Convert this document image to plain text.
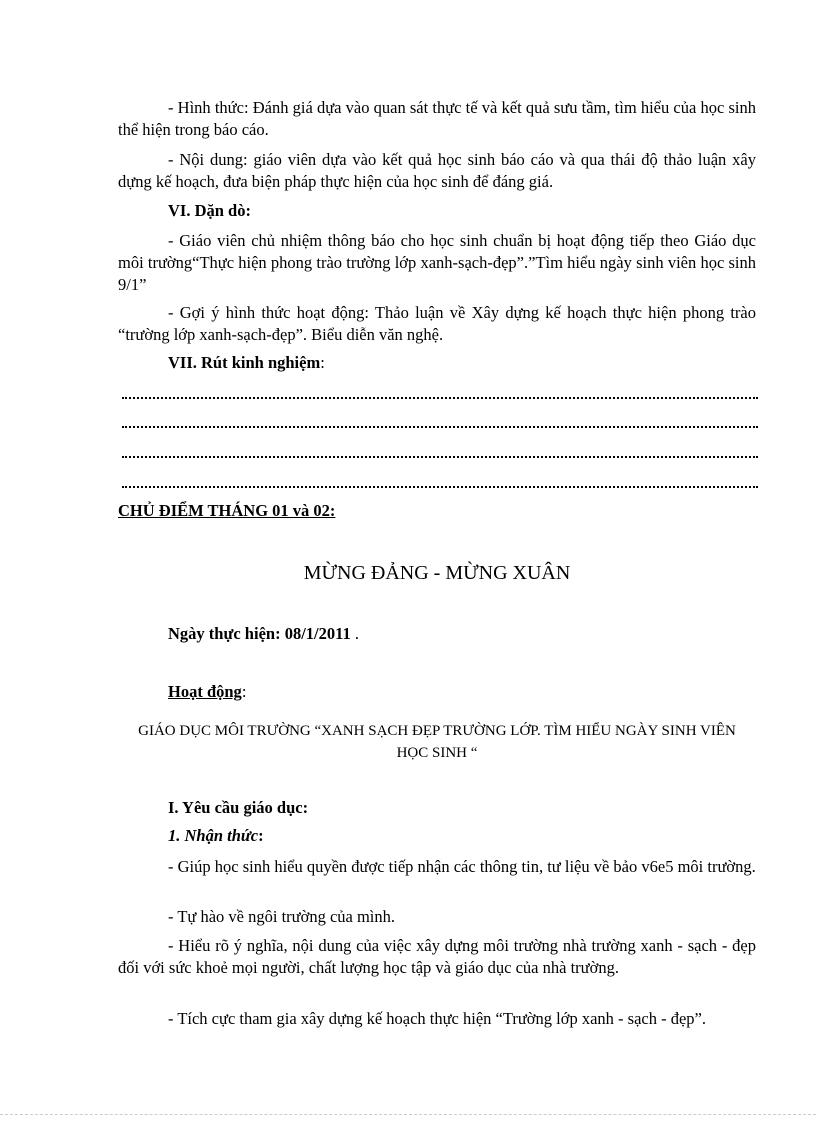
- Hình thức: Đánh giá dựa vào quan sát thực tế và kết quả sưu tầm, tìm hiểu của học sinh thể hiện trong báo cáo.

- Nội dung: giáo viên dựa vào kết quả học sinh báo cáo và qua thái độ thảo luận xây dựng kế hoạch, đưa biện pháp thực hiện của học sinh để đáng giá.

VI. Dặn dò:

- Giáo viên chủ nhiệm thông báo cho học sinh chuẩn bị hoạt động tiếp theo Giáo dục môi trường“Thực hiện phong trào trường lớp xanh-sạch-đẹp”.”Tìm hiểu ngày sinh viên học sinh 9/1”

- Gợi ý hình thức hoạt động: Thảo luận về Xây dựng kế hoạch thực hiện phong trào “trường lớp xanh-sạch-đẹp”. Biểu diễn văn nghệ.

VII. Rút kinh nghiệm:

CHỦ ĐIỂM THÁNG 01 và 02:

MỪNG ĐẢNG - MỪNG XUÂN

Ngày thực hiện: 08/1/2011 .

Hoạt động:

GIÁO DỤC MÔI TRƯỜNG “XANH SẠCH ĐẸP TRƯỜNG LỚP. TÌM HIỂU NGÀY SINH VIÊN HỌC SINH “

I. Yêu cầu giáo dục:

1. Nhận thức:

- Giúp học sinh hiểu quyền được tiếp nhận các thông tin, tư liệu về bảo v6e5 môi trường.

- Tự hào về ngôi trường của mình.

- Hiểu rõ ý nghĩa, nội dung của việc xây dựng môi trường nhà trường xanh - sạch - đẹp đối với sức khoẻ mọi người, chất lượng học tập và giáo dục của nhà trường.

- Tích cực tham gia xây dựng kế hoạch thực hiện “Trường lớp xanh - sạch - đẹp”.
